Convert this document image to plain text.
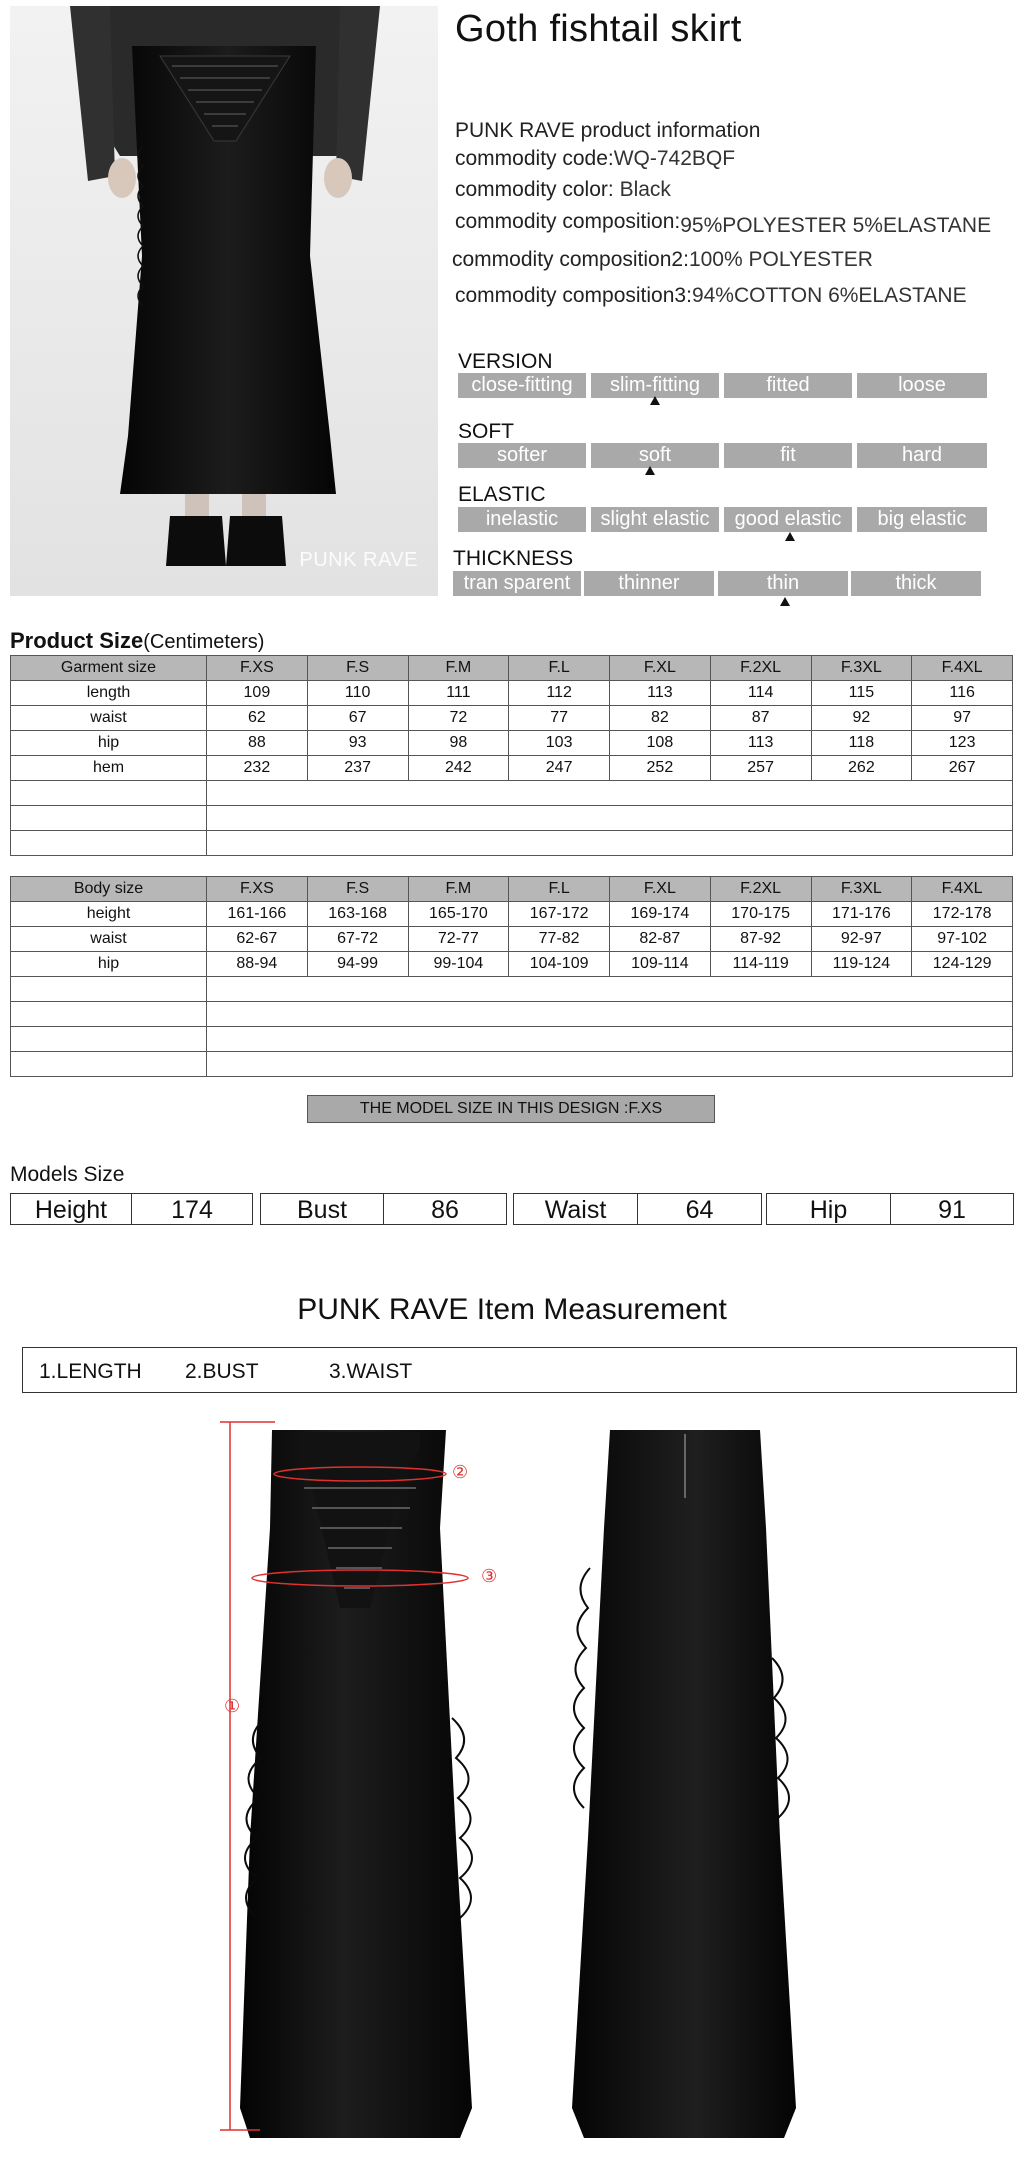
PUNK RAVE
Goth fishtail skirt
PUNK RAVE product information
commodity code:WQ-742BQF
commodity color: Black
commodity composition:95%POLYESTER 5%ELASTANE
commodity composition2:100% POLYESTER
commodity composition3:94%COTTON 6%ELASTANE
VERSION
close-fitting	slim-fitting	fitted	loose
SOFT
softer	soft	fit	hard
ELASTIC
inelastic	slight elastic	good elastic	big elastic
THICKNESS
tran sparent	thinner	thin	thick
Product Size(Centimeters)
Garment size	F.XS	F.S	F.M	F.L	F.XL	F.2XL	F.3XL	F.4XL
length	109	110	111	112	113	114	115	116
waist	62	67	72	77	82	87	92	97
hip	88	93	98	103	108	113	118	123
hem	232	237	242	247	252	257	262	267

Body size	F.XS	F.S	F.M	F.L	F.XL	F.2XL	F.3XL	F.4XL
height	161-166	163-168	165-170	167-172	169-174	170-175	171-176	172-178
waist	62-67	67-72	72-77	77-82	82-87	87-92	92-97	97-102
hip	88-94	94-99	99-104	104-109	109-114	114-119	119-124	124-129

THE MODEL SIZE IN THIS DESIGN :F.XS
Models Size
Height	174	Bust	86	Waist	64	Hip	91
PUNK RAVE Item Measurement
1.LENGTH 2.BUST	3.WAIST
①
②
③
